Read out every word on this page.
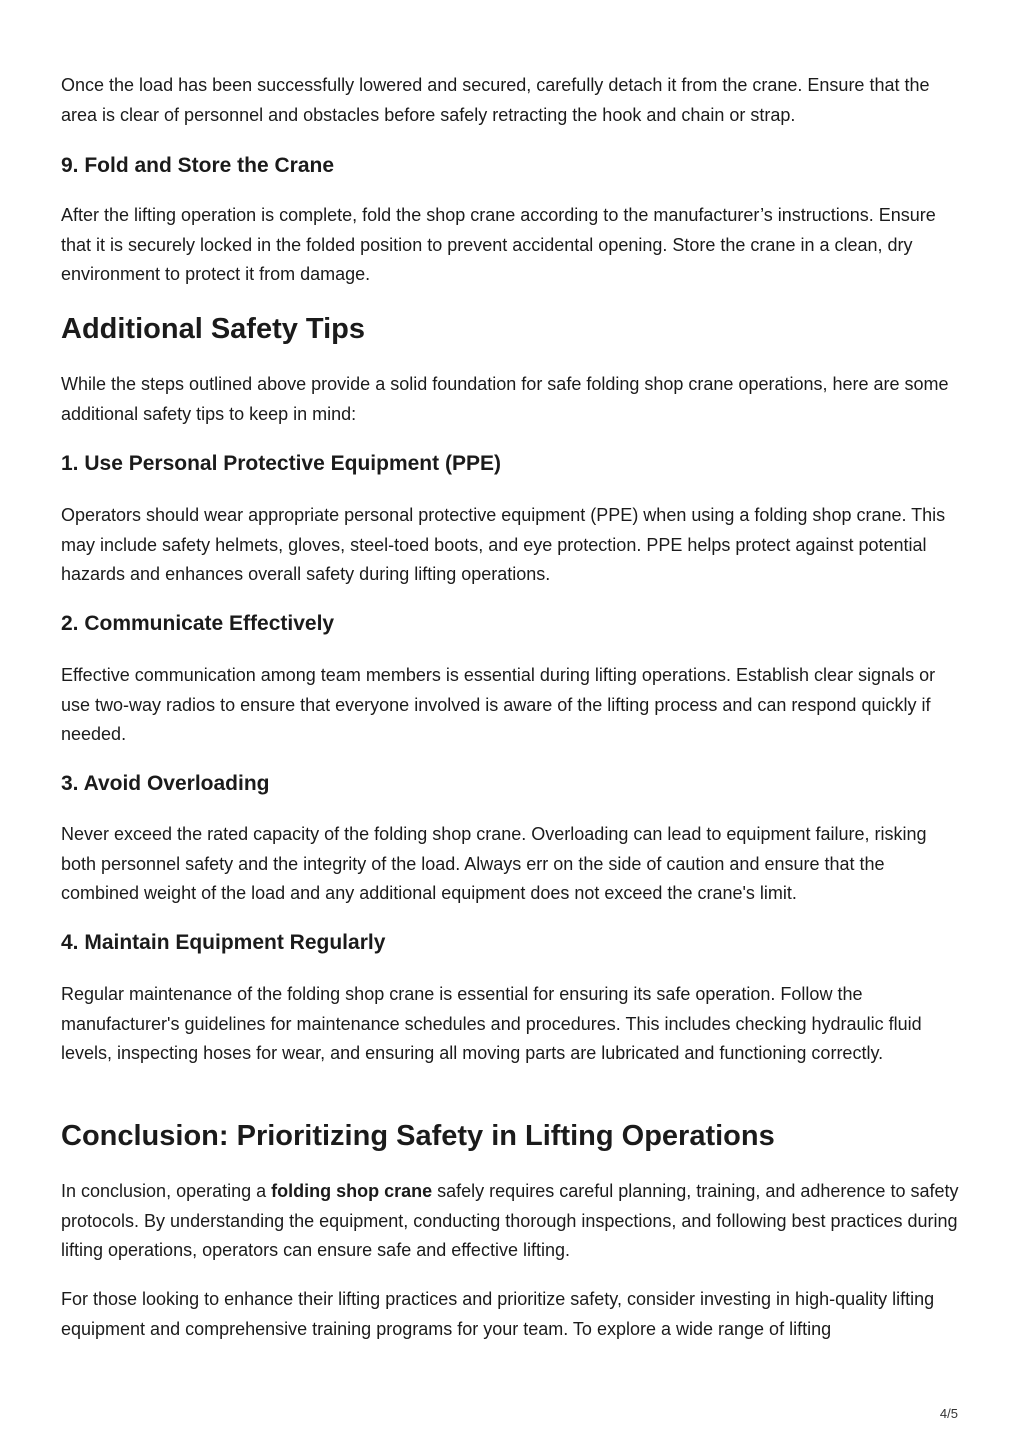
Once the load has been successfully lowered and secured, carefully detach it from the crane. Ensure that the area is clear of personnel and obstacles before safely retracting the hook and chain or strap.

9. Fold and Store the Crane

After the lifting operation is complete, fold the shop crane according to the manufacturer’s instructions. Ensure that it is securely locked in the folded position to prevent accidental opening. Store the crane in a clean, dry environment to protect it from damage.

Additional Safety Tips

While the steps outlined above provide a solid foundation for safe folding shop crane operations, here are some additional safety tips to keep in mind:

1. Use Personal Protective Equipment (PPE)

Operators should wear appropriate personal protective equipment (PPE) when using a folding shop crane. This may include safety helmets, gloves, steel-toed boots, and eye protection. PPE helps protect against potential hazards and enhances overall safety during lifting operations.

2. Communicate Effectively

Effective communication among team members is essential during lifting operations. Establish clear signals or use two-way radios to ensure that everyone involved is aware of the lifting process and can respond quickly if needed.

3. Avoid Overloading

Never exceed the rated capacity of the folding shop crane. Overloading can lead to equipment failure, risking both personnel safety and the integrity of the load. Always err on the side of caution and ensure that the combined weight of the load and any additional equipment does not exceed the crane's limit.

4. Maintain Equipment Regularly

Regular maintenance of the folding shop crane is essential for ensuring its safe operation. Follow the manufacturer's guidelines for maintenance schedules and procedures. This includes checking hydraulic fluid levels, inspecting hoses for wear, and ensuring all moving parts are lubricated and functioning correctly.

Conclusion: Prioritizing Safety in Lifting Operations

In conclusion, operating a folding shop crane safely requires careful planning, training, and adherence to safety protocols. By understanding the equipment, conducting thorough inspections, and following best practices during lifting operations, operators can ensure safe and effective lifting.

For those looking to enhance their lifting practices and prioritize safety, consider investing in high-quality lifting equipment and comprehensive training programs for your team. To explore a wide range of lifting

4/5
